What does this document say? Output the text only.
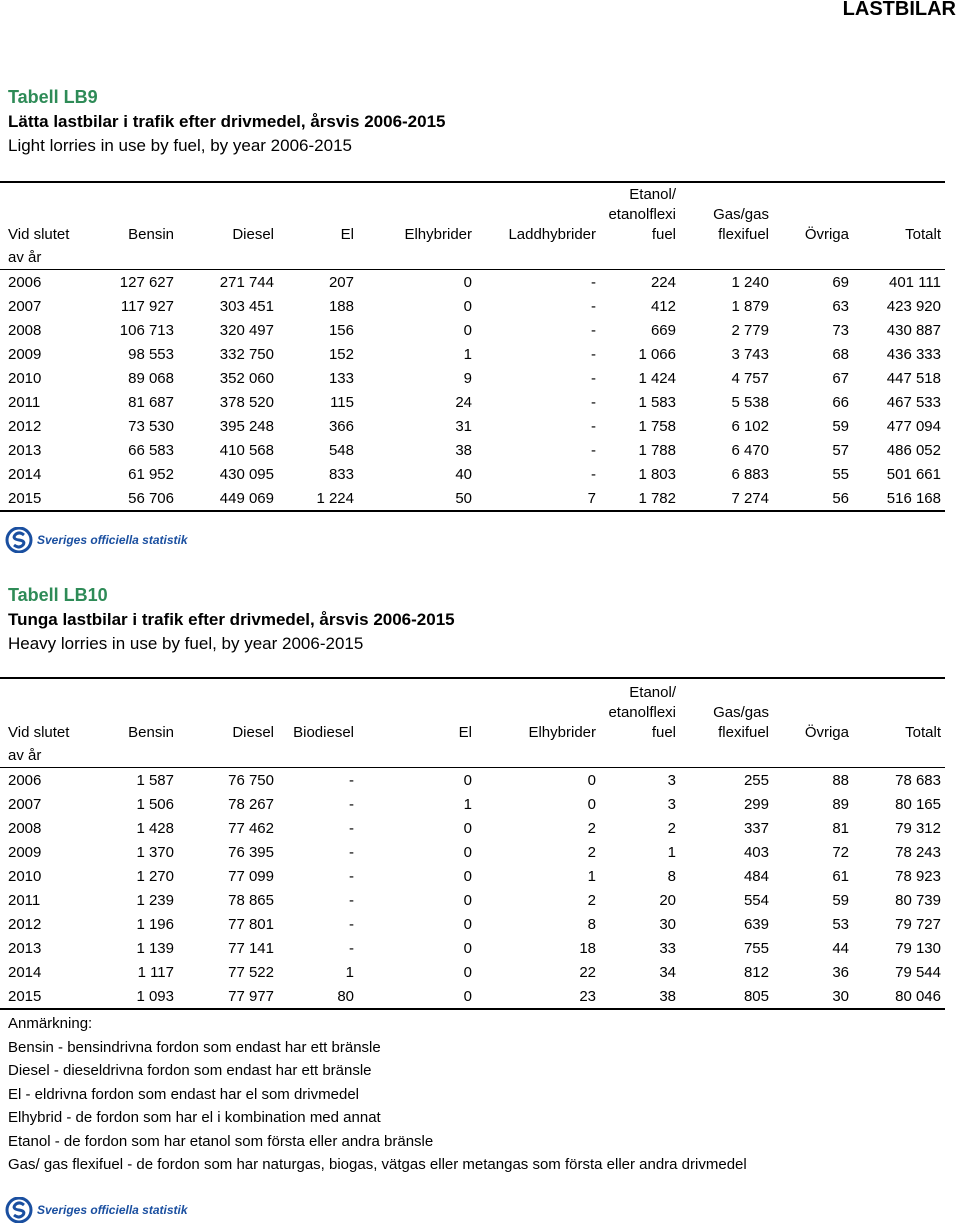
LASTBILAR
Tabell LB9
Lätta lastbilar i trafik efter drivmedel, årsvis 2006-2015
Light lorries in use by fuel, by year 2006-2015
Vid slutet	Bensin	Diesel	El	Elhybrider	Laddhybrider	Etanol/ etanolflexi fuel	Gas/gas flexifuel	Övriga	Totalt
av år									
2006	127 627	271 744	207	0	-	224	1 240	69	401 111
2007	117 927	303 451	188	0	-	412	1 879	63	423 920
2008	106 713	320 497	156	0	-	669	2 779	73	430 887
2009	98 553	332 750	152	1	-	1 066	3 743	68	436 333
2010	89 068	352 060	133	9	-	1 424	4 757	67	447 518
2011	81 687	378 520	115	24	-	1 583	5 538	66	467 533
2012	73 530	395 248	366	31	-	1 758	6 102	59	477 094
2013	66 583	410 568	548	38	-	1 788	6 470	57	486 052
2014	61 952	430 095	833	40	-	1 803	6 883	55	501 661
2015	56 706	449 069	1 224	50	7	1 782	7 274	56	516 168
Sveriges officiella statistik
Tabell LB10
Tunga lastbilar i trafik efter drivmedel, årsvis 2006-2015
Heavy lorries in use by fuel, by year 2006-2015
Vid slutet	Bensin	Diesel	Biodiesel	El	Elhybrider	Etanol/ etanolflexi fuel	Gas/gas flexifuel	Övriga	Totalt
av år									
2006	1 587	76 750	-	0	0	3	255	88	78 683
2007	1 506	78 267	-	1	0	3	299	89	80 165
2008	1 428	77 462	-	0	2	2	337	81	79 312
2009	1 370	76 395	-	0	2	1	403	72	78 243
2010	1 270	77 099	-	0	1	8	484	61	78 923
2011	1 239	78 865	-	0	2	20	554	59	80 739
2012	1 196	77 801	-	0	8	30	639	53	79 727
2013	1 139	77 141	-	0	18	33	755	44	79 130
2014	1 117	77 522	1	0	22	34	812	36	79 544
2015	1 093	77 977	80	0	23	38	805	30	80 046
Anmärkning:
Bensin - bensindrivna fordon som endast har ett bränsle
Diesel - dieseldrivna fordon som endast har ett bränsle
El - eldrivna fordon som endast har el som drivmedel
Elhybrid - de fordon som har el i kombination med annat
Etanol - de fordon som har etanol som första eller andra bränsle
Gas/ gas flexifuel - de fordon som har naturgas, biogas, vätgas eller metangas som första eller andra drivmedel
Sveriges officiella statistik
